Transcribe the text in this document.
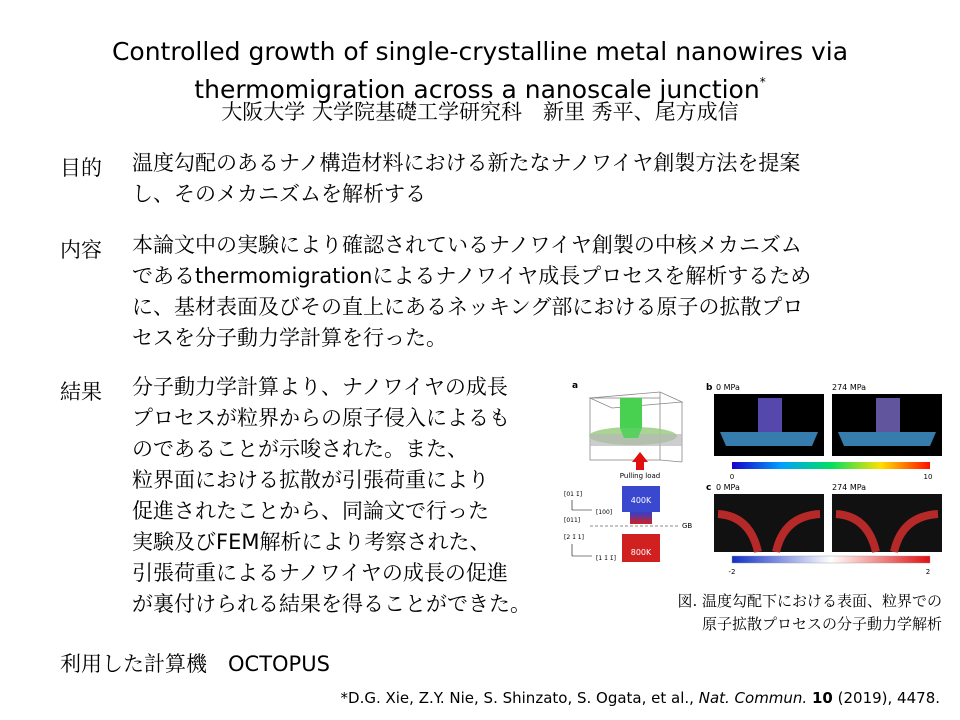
Controlled growth of single-crystalline metal nanowires via
thermomigration across a nanoscale junction*
大阪大学 大学院基礎工学研究科　新里 秀平、尾方成信
目的 温度勾配のあるナノ構造材料における新たなナノワイヤ創製方法を提案
し、そのメカニズムを解析する
内容 本論文中の実験により確認されているナノワイヤ創製の中核メカニズム
であるthermomigrationによるナノワイヤ成長プロセスを解析するため
に、基材表面及びその直上にあるネッキング部における原子の拡散プロ
セスを分子動力学計算を行った。
結果 分子動力学計算より、ナノワイヤの成長
プロセスが粒界からの原子侵入によるも
のであることが示唆された。また、
粒界面における拡散が引張荷重により
促進されたことから、同論文で行った
実験及びFEM解析により考察された、
引張荷重によるナノワイヤの成長の促進
が裏付けられる結果を得ることができた。
a
Pulling load
400K
GB
800K
[01 1̄]
[100]
[011]
[2 1̄ 1]
[1 1̄ 1̄]
b 0 MPa	274 MPa
0	10
c 0 MPa	274 MPa
-2	2
図. 温度勾配下における表面、粒界での
原子拡散プロセスの分子動力学解析
利用した計算機　OCTOPUS
*D.G. Xie, Z.Y. Nie, S. Shinzato, S. Ogata, et al., Nat. Commun. 10 (2019), 4478.
